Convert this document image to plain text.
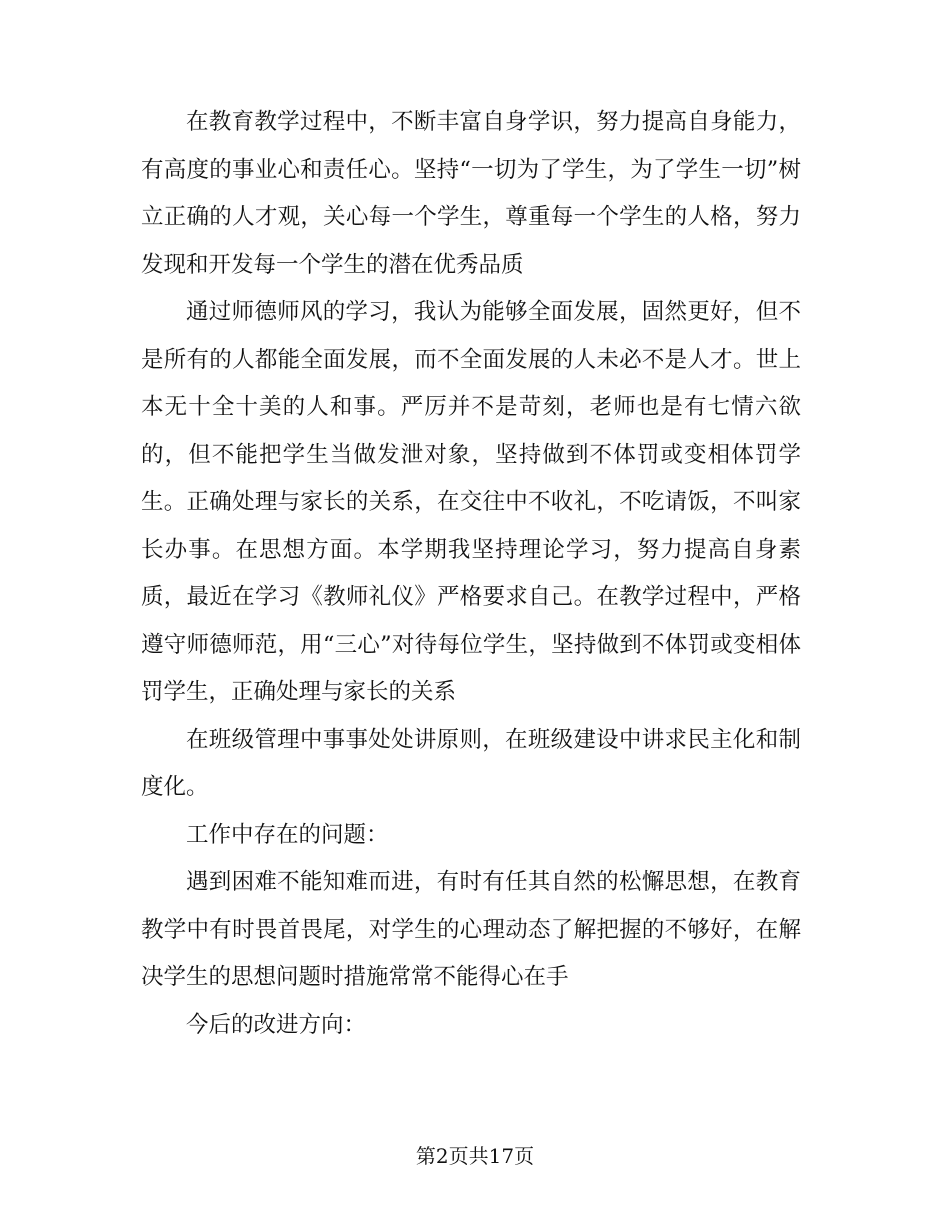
在教育教学过程中，不断丰富自身学识，努力提高自身能力，有高度的事业心和责任心。坚持“一切为了学生，为了学生一切”树立正确的人才观，关心每一个学生，尊重每一个学生的人格，努力发现和开发每一个学生的潜在优秀品质

通过师德师风的学习，我认为能够全面发展，固然更好，但不是所有的人都能全面发展，而不全面发展的人未必不是人才。世上本无十全十美的人和事。严厉并不是苛刻，老师也是有七情六欲的，但不能把学生当做发泄对象，坚持做到不体罚或变相体罚学生。正确处理与家长的关系，在交往中不收礼，不吃请饭，不叫家长办事。在思想方面。本学期我坚持理论学习，努力提高自身素质，最近在学习《教师礼仪》严格要求自己。在教学过程中，严格遵守师德师范，用“三心”对待每位学生，坚持做到不体罚或变相体罚学生，正确处理与家长的关系

在班级管理中事事处处讲原则，在班级建设中讲求民主化和制度化。

工作中存在的问题：

遇到困难不能知难而进，有时有任其自然的松懈思想，在教育教学中有时畏首畏尾，对学生的心理动态了解把握的不够好，在解决学生的思想问题时措施常常不能得心在手

今后的改进方向：

第2页共17页
